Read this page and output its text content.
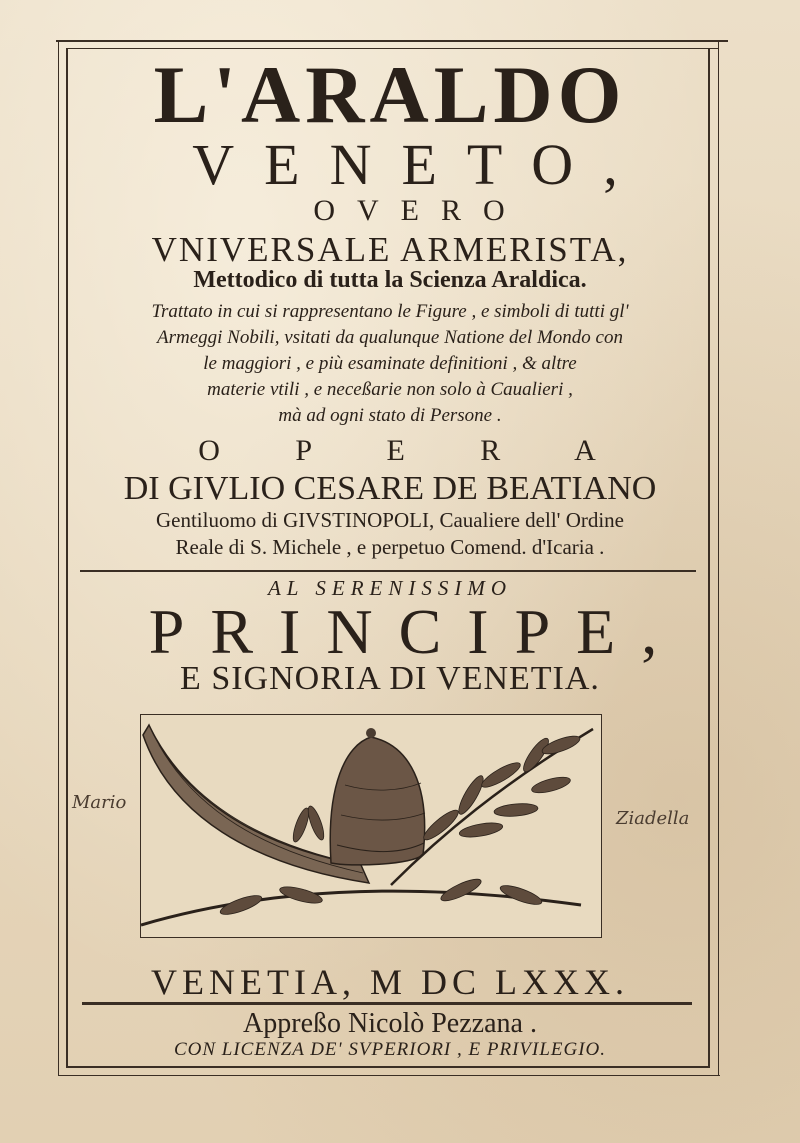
L'ARALDO
VENETO,
OVERO
VNIVERSALE ARMERISTA,
Mettodico di tutta la Scienza Araldica.
Trattato in cui si rappresentano le Figure , e simboli di tutti gl'
Armeggi Nobili, vsitati da qualunque Natione del Mondo con
le maggiori , e più esaminate definitioni , & altre
materie vtili , e neceßarie non solo à Caualieri ,
mà ad ogni stato di Persone .
O P E R A
DI GIVLIO CESARE DE BEATIANO
Gentiluomo di GIVSTINOPOLI, Caualiere dell' Ordine
Reale di S. Michele , e perpetuo Comend. d'Icaria .
AL SERENISSIMO
PRINCIPE,
E SIGNORIA DI VENETIA.
Mario
Ziadella
VENETIA, M DC LXXX.
Appreßo Nicolò Pezzana .
CON LICENZA DE' SVPERIORI , E PRIVILEGIO.
